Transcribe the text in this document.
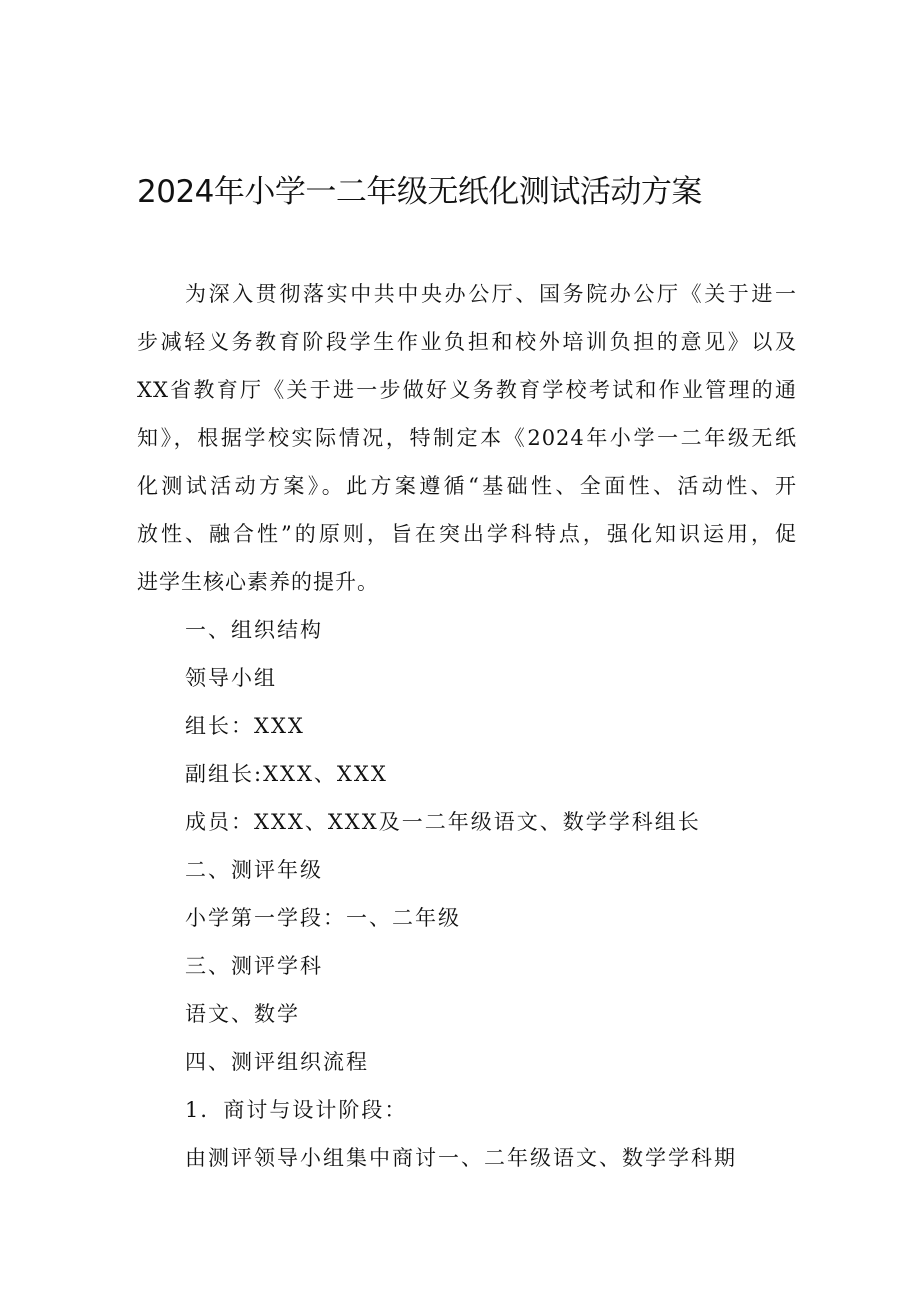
2024年小学一二年级无纸化测试活动方案
为深入贯彻落实中共中央办公厅、国务院办公厅《关于进一
步减轻义务教育阶段学生作业负担和校外培训负担的意见》以及
XX省教育厅《关于进一步做好义务教育学校考试和作业管理的通
知》，根据学校实际情况，特制定本《2024年小学一二年级无纸
化测试活动方案》。此方案遵循“基础性、全面性、活动性、开
放性、融合性”的原则，旨在突出学科特点，强化知识运用，促
进学生核心素养的提升。
一、组织结构
领导小组
组长：XXX
副组长:XXX、XXX
成员：XXX、XXX及一二年级语文、数学学科组长
二、测评年级
小学第一学段：一、二年级
三、测评学科
语文、数学
四、测评组织流程
1．商讨与设计阶段：
由测评领导小组集中商讨一、二年级语文、数学学科期
